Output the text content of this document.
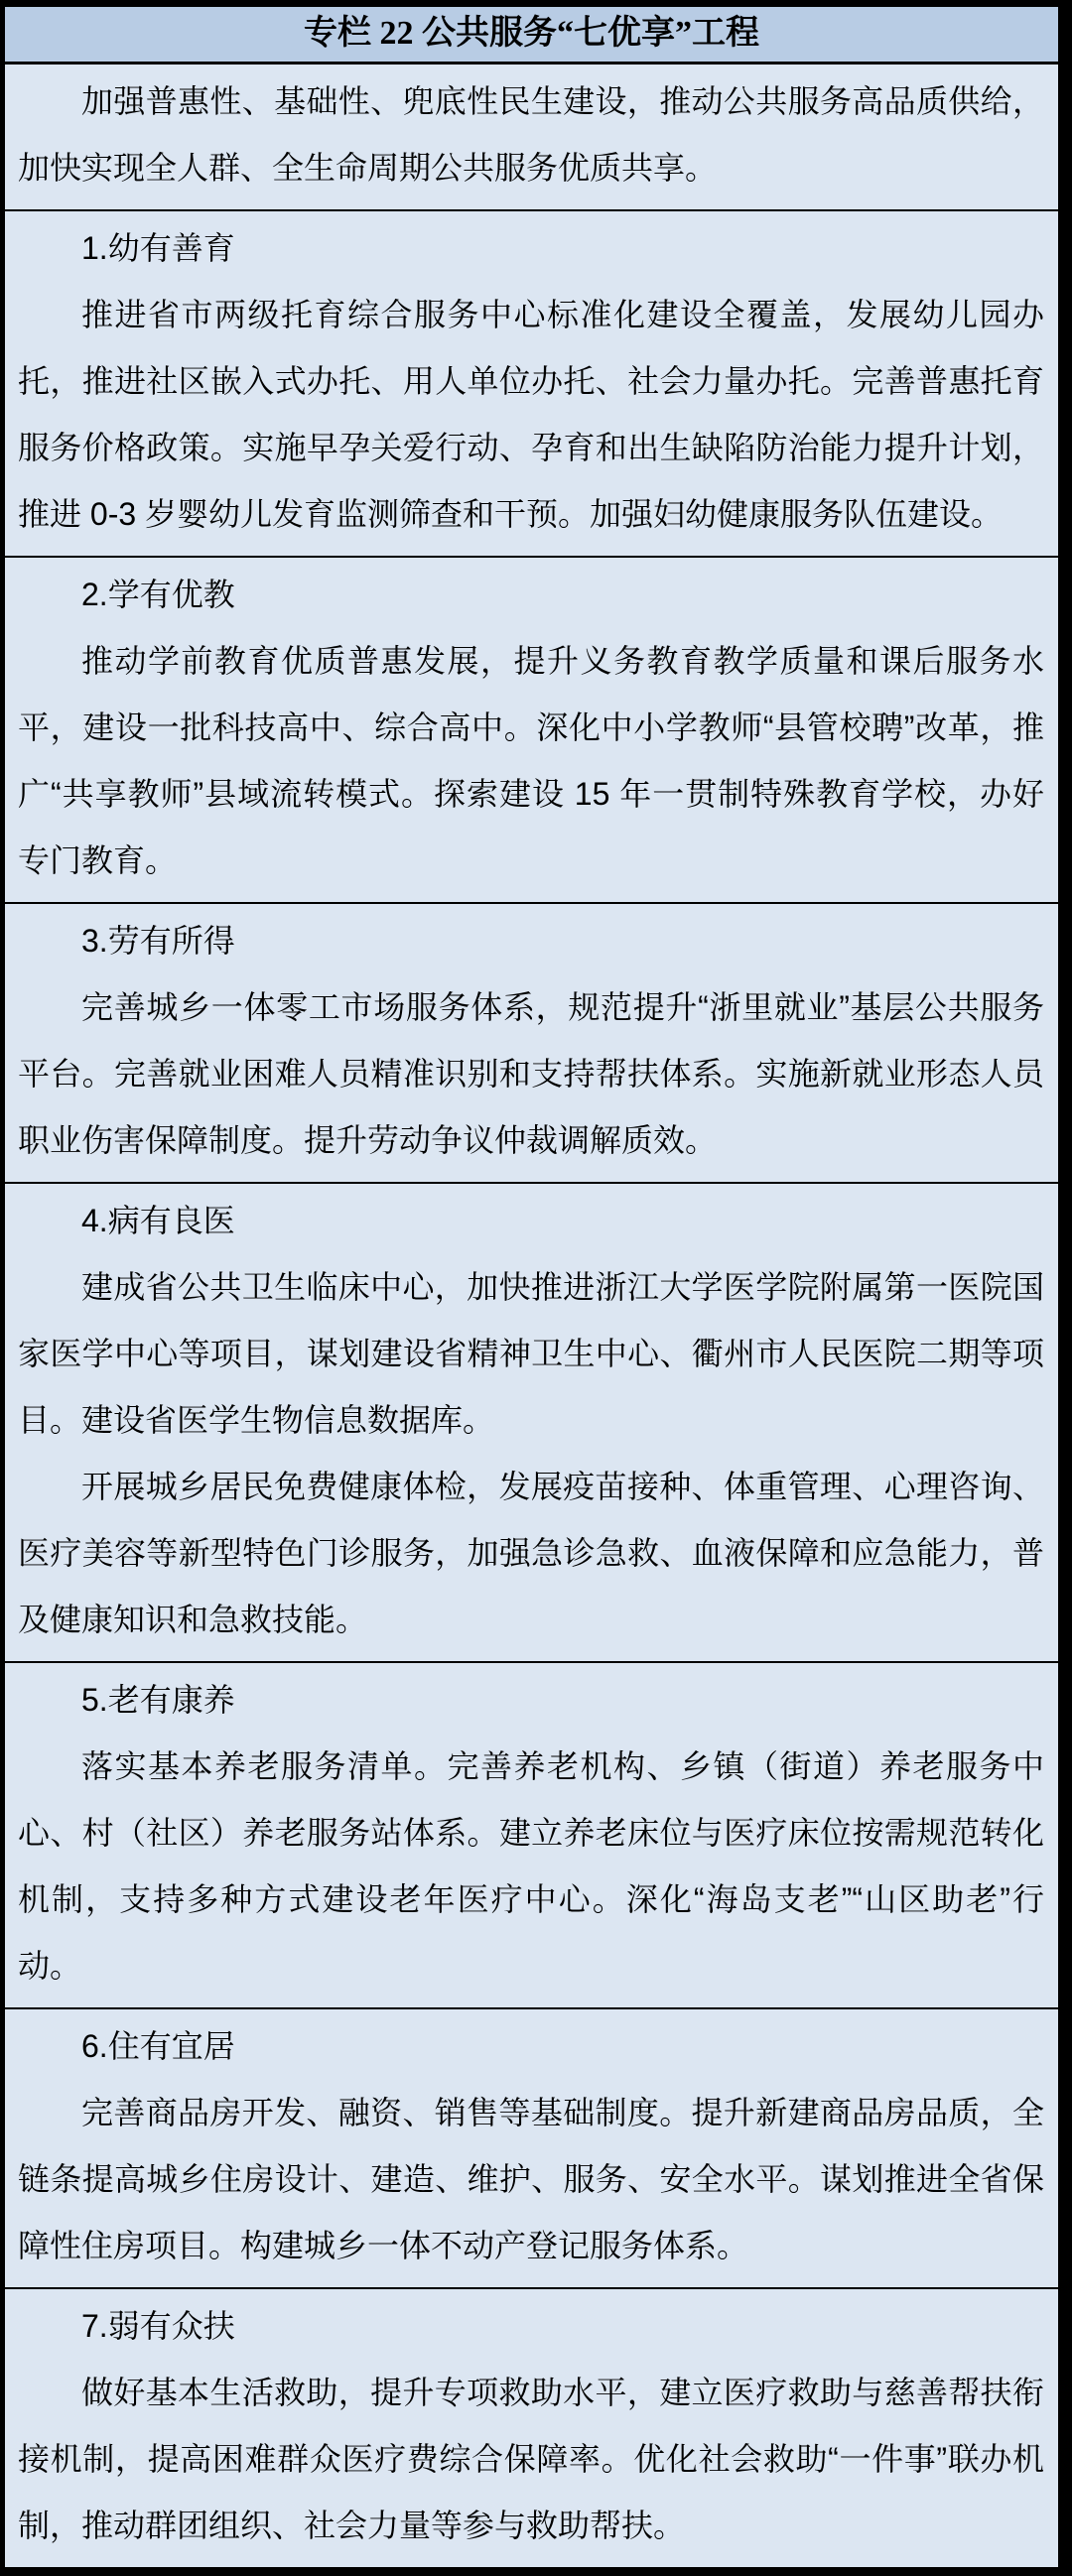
专栏 22 公共服务“七优享”工程

加强普惠性、基础性、兜底性民生建设，推动公共服务高品质供给，加快实现全人群、全生命周期公共服务优质共享。

1.幼有善育

推进省市两级托育综合服务中心标准化建设全覆盖，发展幼儿园办托，推进社区嵌入式办托、用人单位办托、社会力量办托。完善普惠托育服务价格政策。实施早孕关爱行动、孕育和出生缺陷防治能力提升计划，推进 0-3 岁婴幼儿发育监测筛查和干预。加强妇幼健康服务队伍建设。

2.学有优教

推动学前教育优质普惠发展，提升义务教育教学质量和课后服务水平，建设一批科技高中、综合高中。深化中小学教师“县管校聘”改革，推广“共享教师”县域流转模式。探索建设 15 年一贯制特殊教育学校，办好专门教育。

3.劳有所得

完善城乡一体零工市场服务体系，规范提升“浙里就业”基层公共服务平台。完善就业困难人员精准识别和支持帮扶体系。实施新就业形态人员职业伤害保障制度。提升劳动争议仲裁调解质效。

4.病有良医

建成省公共卫生临床中心，加快推进浙江大学医学院附属第一医院国家医学中心等项目，谋划建设省精神卫生中心、衢州市人民医院二期等项目。建设省医学生物信息数据库。

开展城乡居民免费健康体检，发展疫苗接种、体重管理、心理咨询、医疗美容等新型特色门诊服务，加强急诊急救、血液保障和应急能力，普及健康知识和急救技能。

5.老有康养

落实基本养老服务清单。完善养老机构、乡镇（街道）养老服务中心、村（社区）养老服务站体系。建立养老床位与医疗床位按需规范转化机制，支持多种方式建设老年医疗中心。深化“海岛支老”“山区助老”行动。

6.住有宜居

完善商品房开发、融资、销售等基础制度。提升新建商品房品质，全链条提高城乡住房设计、建造、维护、服务、安全水平。谋划推进全省保障性住房项目。构建城乡一体不动产登记服务体系。

7.弱有众扶

做好基本生活救助，提升专项救助水平，建立医疗救助与慈善帮扶衔接机制，提高困难群众医疗费综合保障率。优化社会救助“一件事”联办机制，推动群团组织、社会力量等参与救助帮扶。
